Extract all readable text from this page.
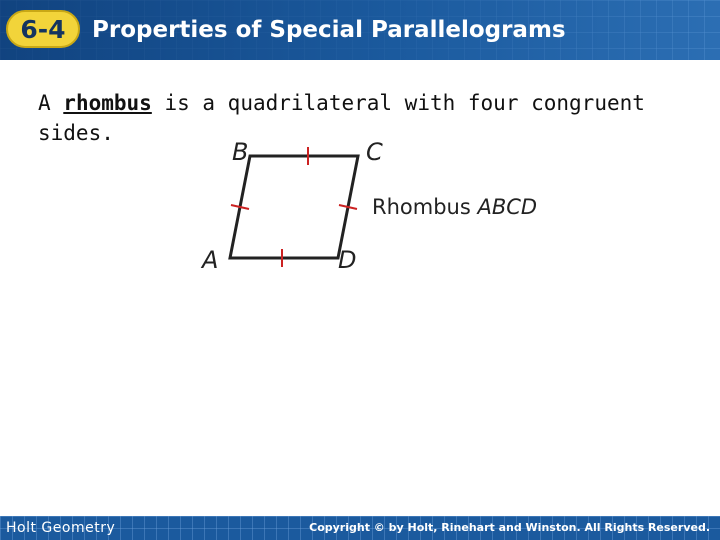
6-4	Properties of Special Parallelograms
A rhombus is a quadrilateral with four congruent sides.
B	C
A	D
Rhombus ABCD
Holt Geometry	Copyright © by Holt, Rinehart and Winston. All Rights Reserved.
